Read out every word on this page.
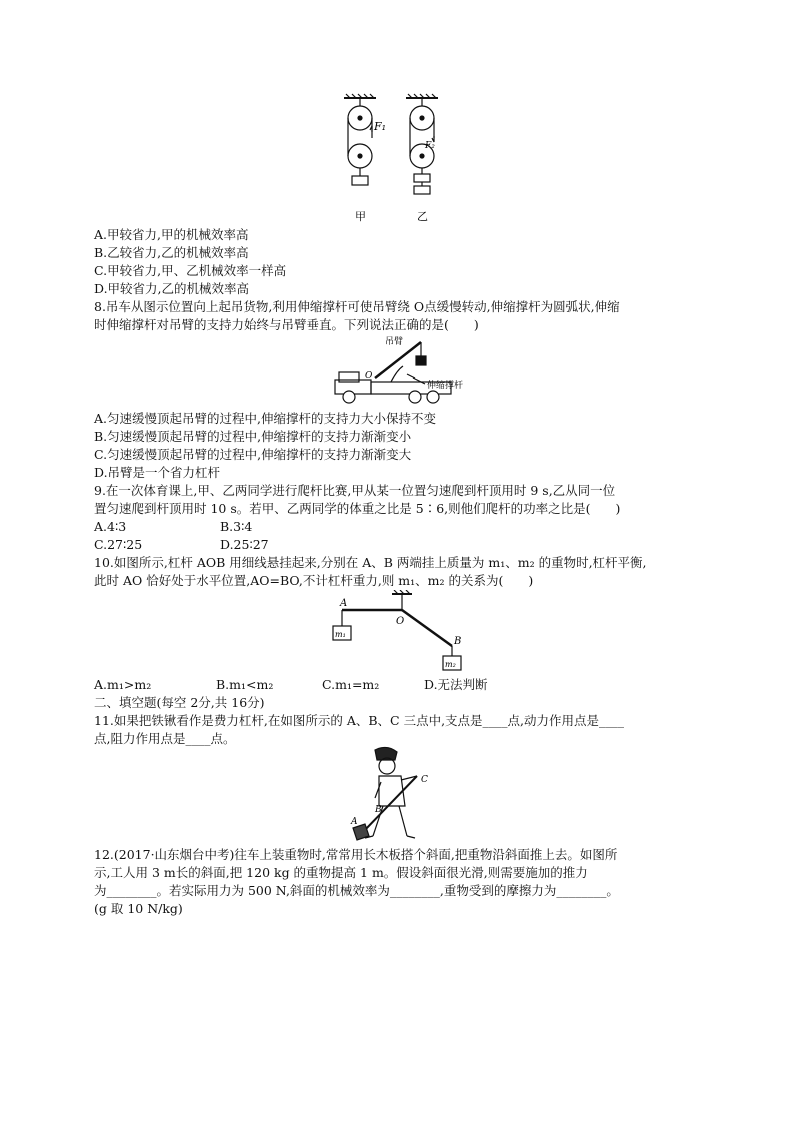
F₁
F₂
甲	乙
A.甲较省力,甲的机械效率高
B.乙较省力,乙的机械效率高
C.甲较省力,甲、乙机械效率一样高
D.甲较省力,乙的机械效率高
8.吊车从图示位置向上起吊货物,利用伸缩撑杆可使吊臂绕 O点缓慢转动,伸缩撑杆为圆弧状,伸缩
时伸缩撑杆对吊臂的支持力始终与吊臂垂直。下列说法正确的是(　　)
吊臂
O
伸缩撑杆
A.匀速缓慢顶起吊臂的过程中,伸缩撑杆的支持力大小保持不变
B.匀速缓慢顶起吊臂的过程中,伸缩撑杆的支持力渐渐变小
C.匀速缓慢顶起吊臂的过程中,伸缩撑杆的支持力渐渐变大
D.吊臂是一个省力杠杆
9.在一次体育课上,甲、乙两同学进行爬杆比赛,甲从某一位置匀速爬到杆顶用时 9 s,乙从同一位
置匀速爬到杆顶用时 10 s。若甲、乙两同学的体重之比是 5∶6,则他们爬杆的功率之比是(　　)
A.4∶3	B.3∶4
C.27∶25	D.25∶27
10.如图所示,杠杆 AOB 用细线悬挂起来,分别在 A、B 两端挂上质量为 m₁、m₂ 的重物时,杠杆平衡,
此时 AO 恰好处于水平位置,AO=BO,不计杠杆重力,则 m₁、m₂ 的关系为(　　)
A
O
B
m₁
m₂
A.m₁>m₂	B.m₁<m₂	C.m₁=m₂	D.无法判断
二、填空题(每空 2分,共 16分)
11.如果把铁锹看作是费力杠杆,在如图所示的 A、B、C 三点中,支点是____点,动力作用点是____
点,阻力作用点是____点。
A
B
C
12.(2017·山东烟台中考)往车上装重物时,常常用长木板搭个斜面,把重物沿斜面推上去。如图所
示,工人用 3 m长的斜面,把 120 kg 的重物提高 1 m。假设斜面很光滑,则需要施加的推力
为________。若实际用力为 500 N,斜面的机械效率为________,重物受到的摩擦力为________。
(g 取 10 N/kg)
